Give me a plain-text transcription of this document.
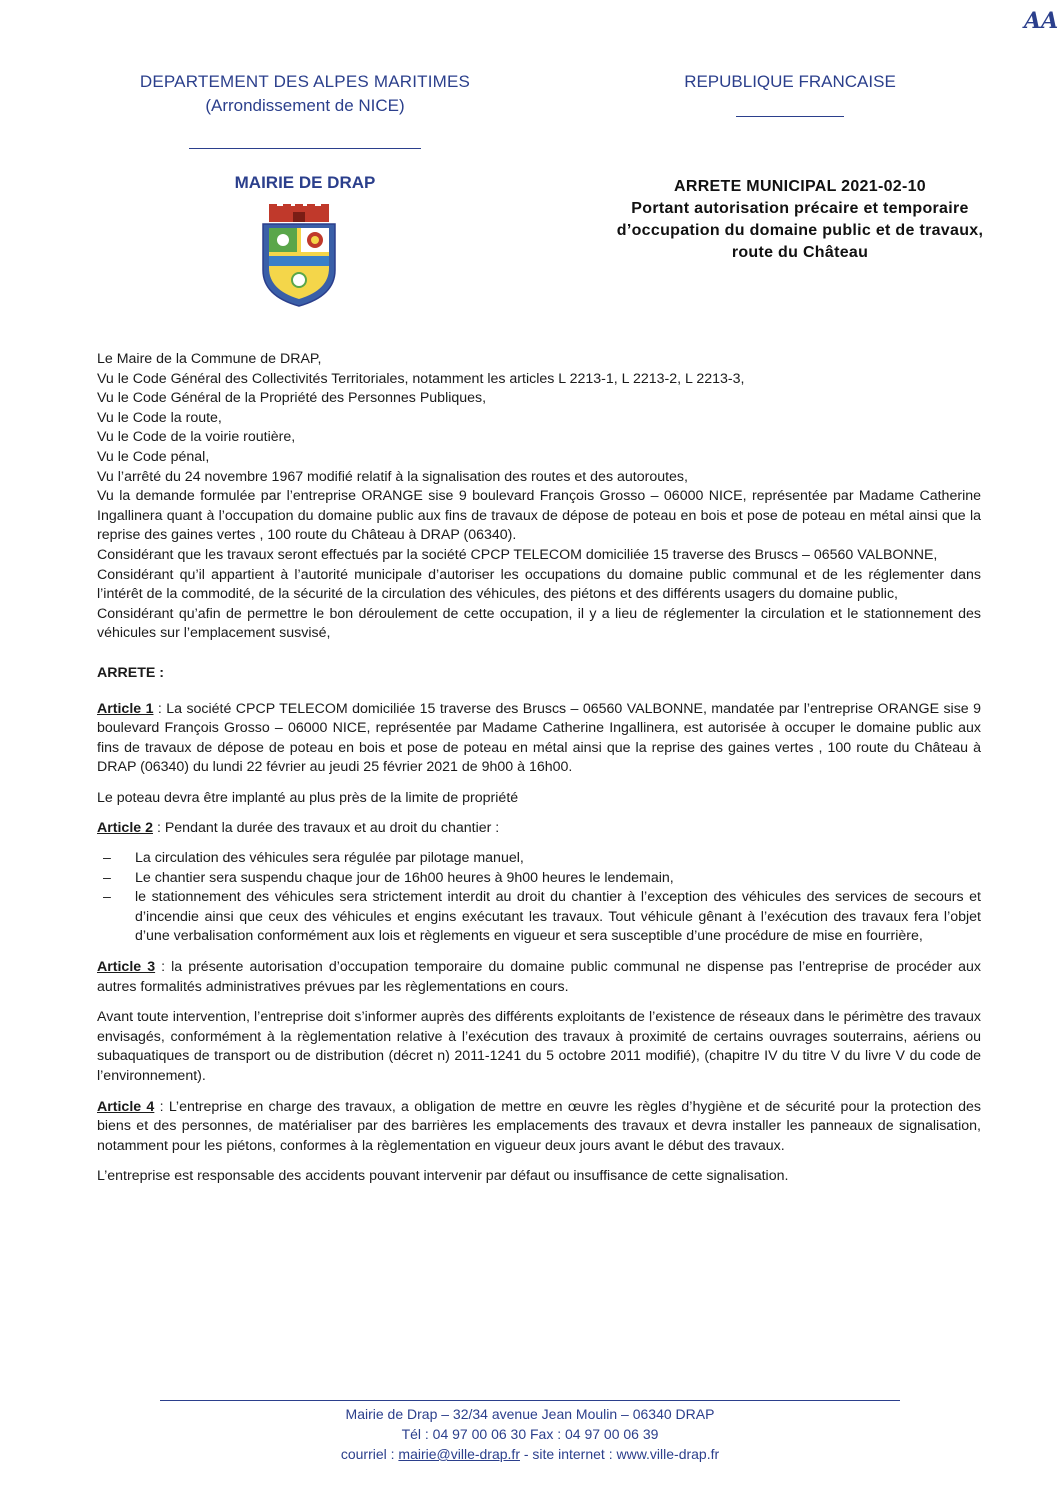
AA
DEPARTEMENT DES ALPES MARITIMES
(Arrondissement de NICE)
MAIRIE DE DRAP
REPUBLIQUE FRANCAISE
ARRETE MUNICIPAL 2021-02-10
Portant autorisation précaire et temporaire
d’occupation du domaine public et de travaux,
route du Château

Le Maire de la Commune de DRAP,

Vu le Code Général des Collectivités Territoriales, notamment les articles L 2213-1, L 2213-2, L 2213-3,

Vu le Code Général de la Propriété des Personnes Publiques,

Vu le Code la route,

Vu le Code de la voirie routière,

Vu le Code pénal,

Vu l’arrêté du 24 novembre 1967 modifié relatif à la signalisation des routes et des autoroutes,

Vu la demande formulée par l’entreprise ORANGE sise 9 boulevard François Grosso – 06000 NICE, représentée par Madame Catherine Ingallinera quant à l’occupation du domaine public aux fins de travaux de dépose de poteau en bois et pose de poteau en métal ainsi que la reprise des gaines vertes , 100 route du Château à DRAP (06340).

Considérant que les travaux seront effectués par la société CPCP TELECOM domiciliée 15 traverse des Bruscs – 06560 VALBONNE,

Considérant qu’il appartient à l’autorité municipale d’autoriser les occupations du domaine public communal et de les réglementer dans l’intérêt de la commodité, de la sécurité de la circulation des véhicules, des piétons et des différents usagers du domaine public,

Considérant qu’afin de permettre le bon déroulement de cette occupation, il y a lieu de réglementer la circulation et le stationnement des véhicules sur l’emplacement susvisé,

ARRETE :

Article 1 : La société CPCP TELECOM domiciliée 15 traverse des Bruscs – 06560 VALBONNE, mandatée par l’entreprise ORANGE sise 9 boulevard François Grosso – 06000 NICE, représentée par Madame Catherine Ingallinera, est autorisée à occuper le domaine public aux fins de travaux de dépose de poteau en bois et pose de poteau en métal ainsi que la reprise des gaines vertes , 100 route du Château à DRAP (06340) du lundi 22 février au jeudi 25 février 2021 de 9h00 à 16h00.

Le poteau devra être implanté au plus près de la limite de propriété

Article 2 : Pendant la durée des travaux et au droit du chantier :

– La circulation des véhicules sera régulée par pilotage manuel,
– Le chantier sera suspendu chaque jour de 16h00 heures à 9h00 heures le lendemain,
– le stationnement des véhicules sera strictement interdit au droit du chantier à l’exception des véhicules des services de secours et d’incendie ainsi que ceux des véhicules et engins exécutant les travaux. Tout véhicule gênant à l’exécution des travaux fera l’objet d’une verbalisation conformément aux lois et règlements en vigueur et sera susceptible d’une procédure de mise en fourrière,

Article 3 : la présente autorisation d’occupation temporaire du domaine public communal ne dispense pas l’entreprise de procéder aux autres formalités administratives prévues par les règlementations en cours.

Avant toute intervention, l’entreprise doit s’informer auprès des différents exploitants de l’existence de réseaux dans le périmètre des travaux envisagés, conformément à la règlementation relative à l’exécution des travaux à proximité de certains ouvrages souterrains, aériens ou subaquatiques de transport ou de distribution (décret n) 2011-1241 du 5 octobre 2011 modifié), (chapitre IV du titre V du livre V du code de l’environnement).

Article 4 : L’entreprise en charge des travaux, a obligation de mettre en œuvre les règles d’hygiène et de sécurité pour la protection des biens et des personnes, de matérialiser par des barrières les emplacements des travaux et devra installer les panneaux de signalisation, notamment pour les piétons, conformes à la règlementation en vigueur deux jours avant le début des travaux.

L’entreprise est responsable des accidents pouvant intervenir par défaut ou insuffisance de cette signalisation.

Mairie de Drap – 32/34 avenue Jean Moulin – 06340 DRAP
Tél : 04 97 00 06 30 Fax : 04 97 00 06 39
courriel : mairie@ville-drap.fr - site internet : www.ville-drap.fr
